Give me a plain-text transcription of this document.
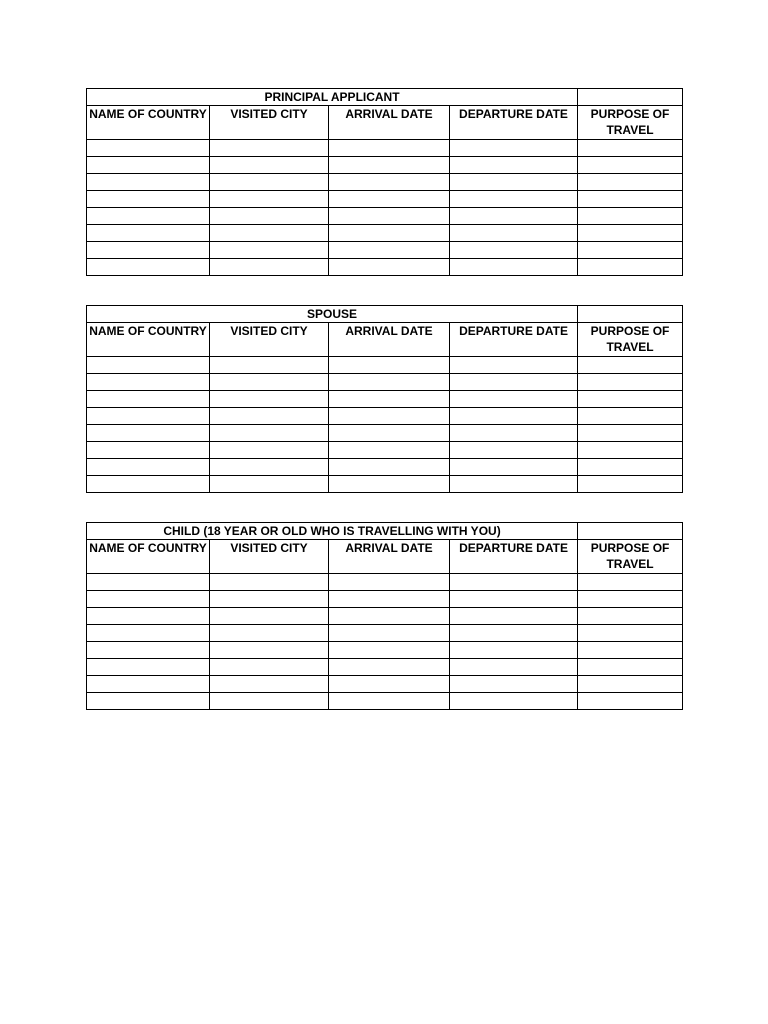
PRINCIPAL APPLICANT				
NAME OF COUNTRY	VISITED CITY	ARRIVAL DATE	DEPARTURE DATE	PURPOSE OF TRAVEL

SPOUSE				
NAME OF COUNTRY	VISITED CITY	ARRIVAL DATE	DEPARTURE DATE	PURPOSE OF TRAVEL

CHILD (18 YEAR OR OLD WHO IS TRAVELLING WITH YOU)				
NAME OF COUNTRY	VISITED CITY	ARRIVAL DATE	DEPARTURE DATE	PURPOSE OF TRAVEL
